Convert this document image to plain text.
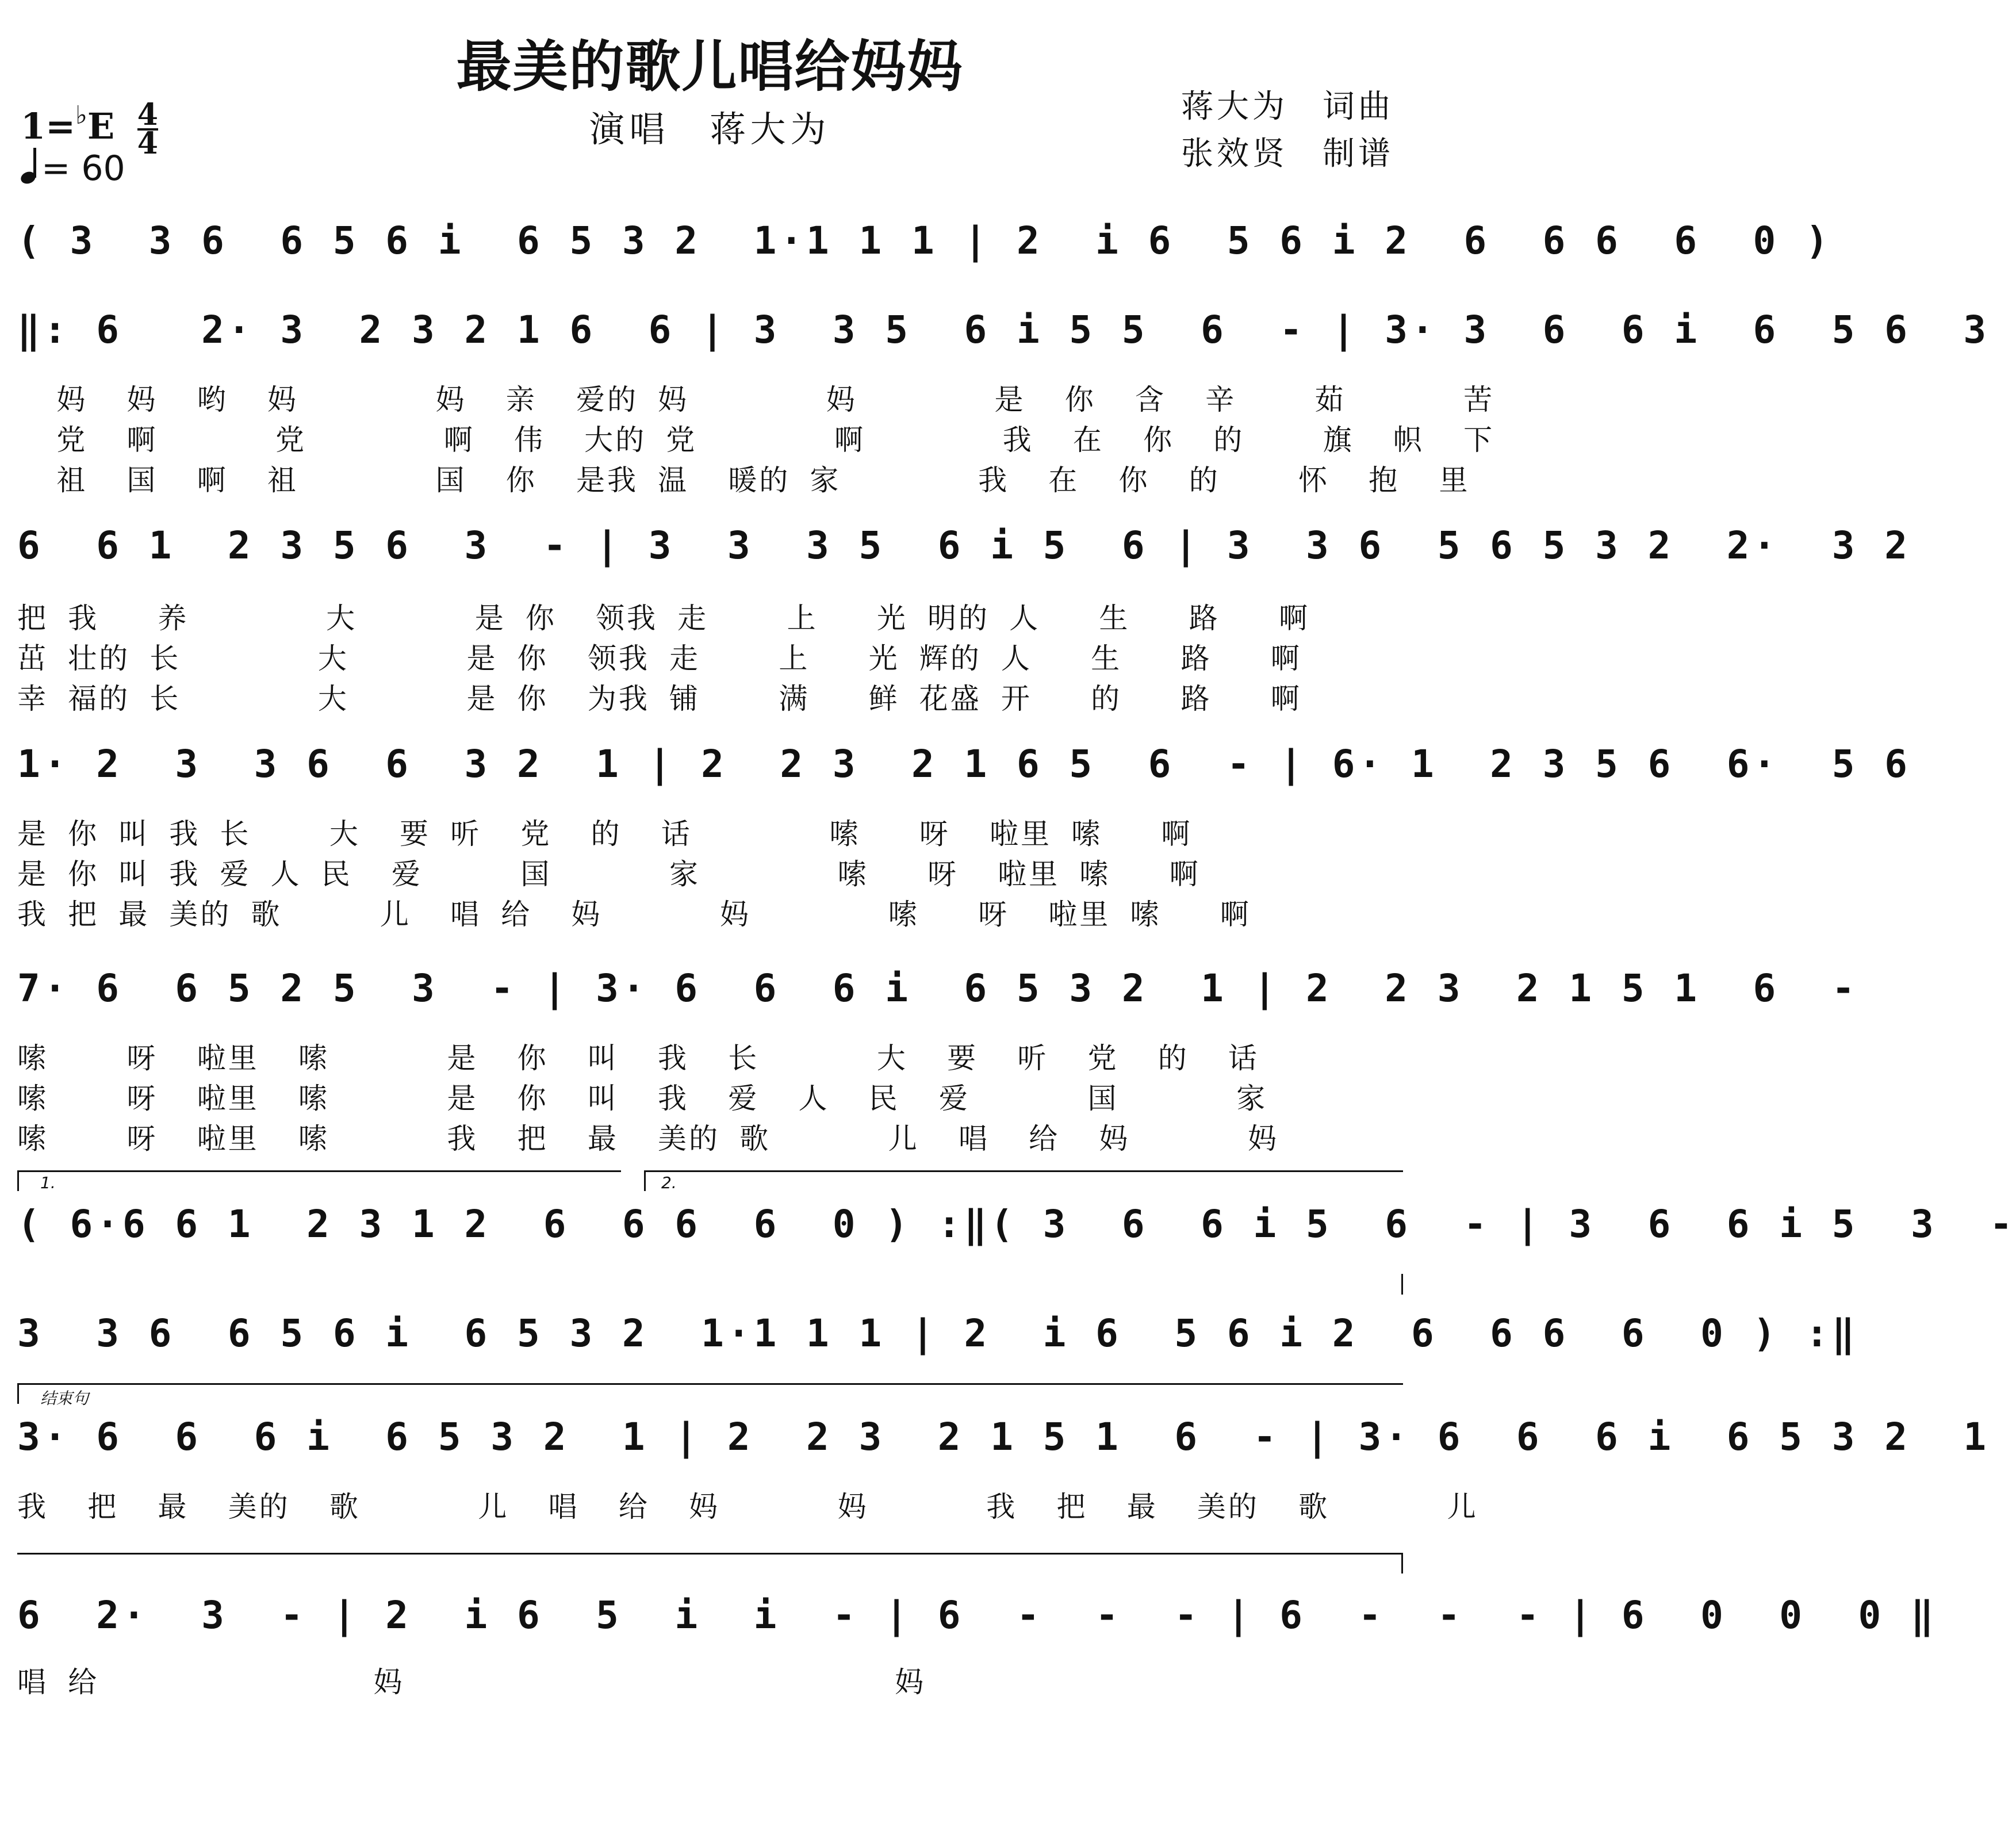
最美的歌儿唱给妈妈
演唱　蒋大为
蒋大为 词曲
张效贤 制谱
$1=^♭E \frac{4}{4}$
= 60
( 3  3 6  6 5 6 i  6 5 3 2  1·1 1 1 | 2  i 6  5 6 i 2  6  6 6  6  0 )
‖: 6   2· 3  2 3 2 1 6  6 | 3  3 5  6 i 5 5  6  - | 3· 3  6  6 i  6  5 6  3
妈  妈  哟  妈       妈  亲  爱的 妈       妈       是  你  含  辛    茹      苦
党  啊      党       啊  伟  大的 党       啊       我  在  你  的    旗  帜  下
祖  国  啊  祖       国  你  是我 温  暖的 家       我  在  你  的    怀  抱  里
6  6 1  2 3 5 6  3  - | 3  3  3 5  6 i 5  6 | 3  3 6  5 6 5 3 2  2·  3 2
把 我   养       大      是 你  领我 走    上   光 明的 人   生   路   啊
茁 壮的 长       大      是 你  领我 走    上   光 辉的 人   生   路   啊
幸 福的 长       大      是 你  为我 铺    满   鲜 花盛 开   的   路   啊
1· 2  3  3 6  6  3 2  1 | 2  2 3  2 1 6 5  6  - | 6· 1  2 3 5 6  6·  5 6
是 你 叫 我 长    大  要 听  党  的  话       嗦   呀  啦里 嗦   啊
是 你 叫 我 爱 人 民  爱     国      家       嗦   呀  啦里 嗦   啊
我 把 最 美的 歌     儿  唱 给  妈      妈       嗦   呀  啦里 嗦   啊
7· 6  6 5 2 5  3  - | 3· 6  6  6 i  6 5 3 2  1 | 2  2 3  2 1 5 1  6  -
嗦    呀  啦里  嗦      是  你  叫  我  长      大  要  听  党  的  话
嗦    呀  啦里  嗦      是  你  叫  我  爱  人  民  爱      国      家
嗦    呀  啦里  嗦      我  把  最  美的 歌      儿  唱  给  妈      妈
1.	2.
( 6·6 6 1  2 3 1 2  6  6 6  6  0 ) :‖( 3  6  6 i 5  6  - | 3  6  6 i 5  3  -
3  3 6  6 5 6 i  6 5 3 2  1·1 1 1 | 2  i 6  5 6 i 2  6  6 6  6  0 ) :‖
结束句
3· 6  6  6 i  6 5 3 2  1 | 2  2 3  2 1 5 1  6  - | 3· 6  6  6 i  6 5 3 2  1
我  把  最  美的  歌      儿  唱  给  妈      妈      我  把  最  美的  歌      儿
6  2·  3  - | 2  i 6  5  i  i  - | 6  -  -  - | 6  -  -  - | 6  0  0  0 ‖
唱 给              妈                         妈
